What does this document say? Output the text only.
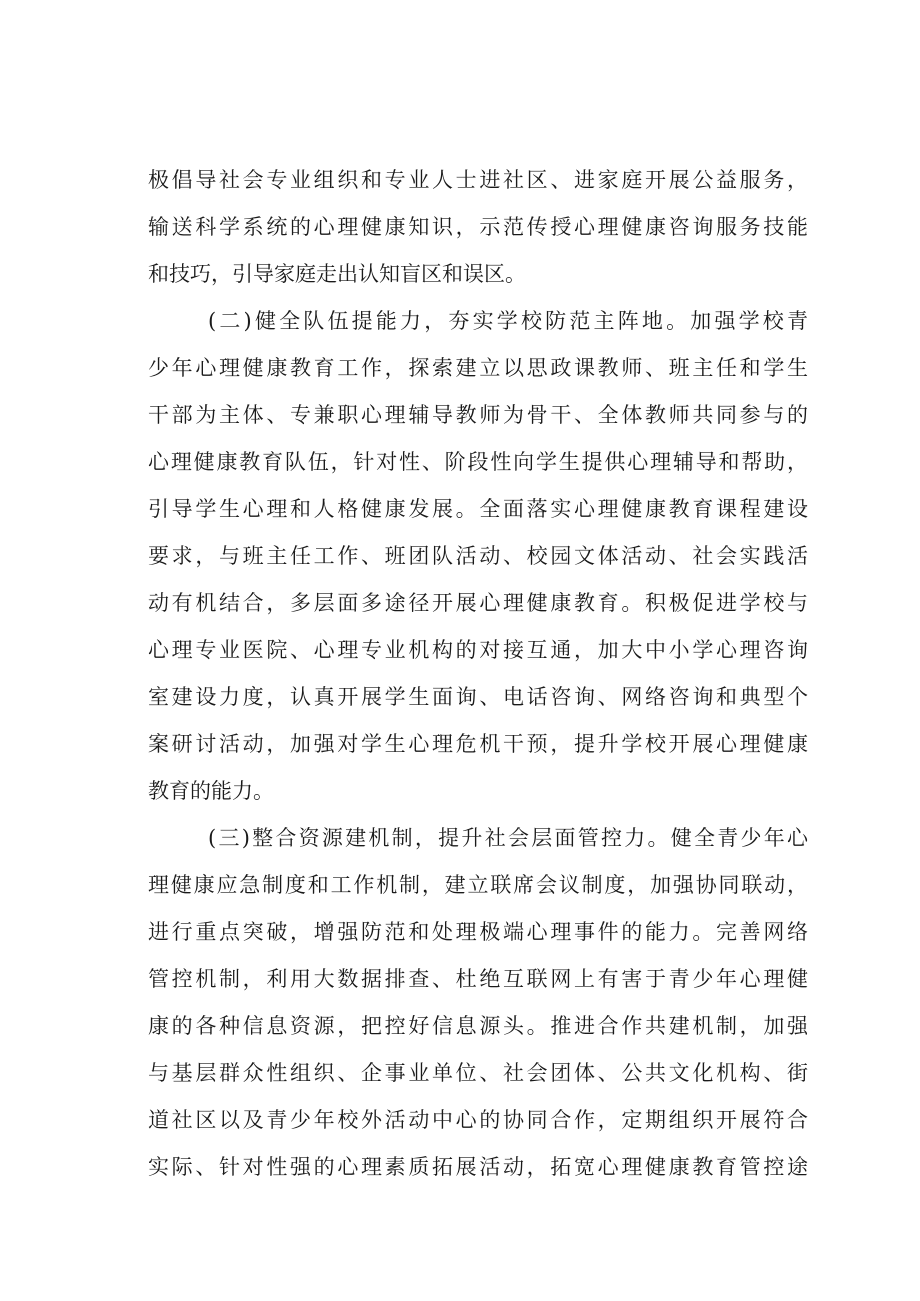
极倡导社会专业组织和专业人士进社区、进家庭开展公益服务，
输送科学系统的心理健康知识，示范传授心理健康咨询服务技能
和技巧，引导家庭走出认知盲区和误区。
(二)健全队伍提能力，夯实学校防范主阵地。加强学校青
少年心理健康教育工作，探索建立以思政课教师、班主任和学生
干部为主体、专兼职心理辅导教师为骨干、全体教师共同参与的
心理健康教育队伍，针对性、阶段性向学生提供心理辅导和帮助，
引导学生心理和人格健康发展。全面落实心理健康教育课程建设
要求，与班主任工作、班团队活动、校园文体活动、社会实践活
动有机结合，多层面多途径开展心理健康教育。积极促进学校与
心理专业医院、心理专业机构的对接互通，加大中小学心理咨询
室建设力度，认真开展学生面询、电话咨询、网络咨询和典型个
案研讨活动，加强对学生心理危机干预，提升学校开展心理健康
教育的能力。
(三)整合资源建机制，提升社会层面管控力。健全青少年心
理健康应急制度和工作机制，建立联席会议制度，加强协同联动，
进行重点突破，增强防范和处理极端心理事件的能力。完善网络
管控机制，利用大数据排查、杜绝互联网上有害于青少年心理健
康的各种信息资源，把控好信息源头。推进合作共建机制，加强
与基层群众性组织、企事业单位、社会团体、公共文化机构、街
道社区以及青少年校外活动中心的协同合作，定期组织开展符合
实际、针对性强的心理素质拓展活动，拓宽心理健康教育管控途
